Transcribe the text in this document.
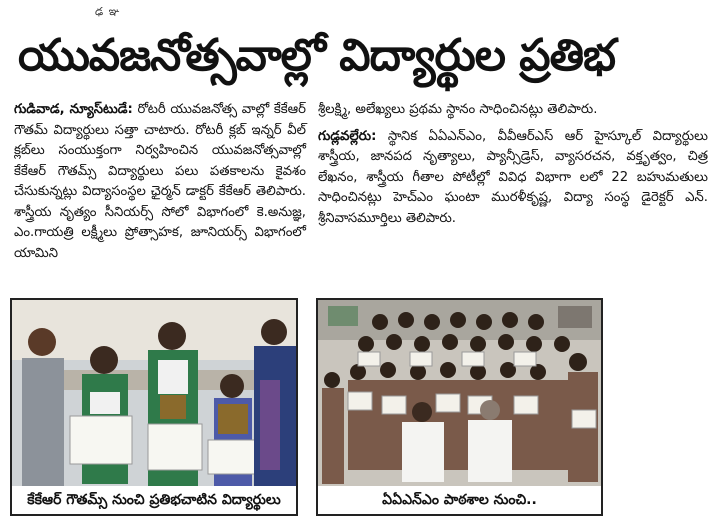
ఢ ఞ
యువజనోత్సవాల్లో విద్యార్థుల ప్రతిభ

గుడివాడ, న్యూస్‌టుడే: రోటరీ యువజనోత్స వాల్లో కేకేఆర్ గౌతమ్ విద్యార్థులు సత్తా చాటారు. రోటరీ క్లబ్ ఇన్నర్ వీల్ క్లబ్‌లు సంయుక్తంగా నిర్వహించిన యువజనోత్సవాల్లో కేకేఆర్ గౌతమ్స్ విద్యార్థులు పలు పతకాలను కైవశం చేసుకున్నట్లు విద్యాసంస్థల ఛైర్మన్ డాక్టర్ కేకేఆర్ తెలిపారు. శాస్త్రీయ నృత్యం సీనియర్స్ సోలో విభాగంలో కె.అనుజ్ఞ, ఎం.గాయత్రి లక్ష్మీలు ప్రోత్సాహక, జూనియర్స్ విభాగంలో యామిని

శ్రీలక్ష్మి, అలేఖ్యలు ప్రథమ స్థానం సాధించినట్లు తెలిపారు.

గుడ్లవల్లేరు: స్థానిక ఏఏఎన్ఎం, వీవీఆర్ఎస్ ఆర్ హైస్కూల్ విద్యార్థులు శాస్త్రీయ, జానపద నృత్యాలు, ప్యాన్సీడ్రెస్, వ్యాసరచన, వక్తృత్వం, చిత్ర లేఖనం, శాస్త్రీయ గీతాల పోటీల్లో వివిధ విభాగా లలో 22 బహుమతులు సాధించినట్లు హెచ్ఎం ఘంటా మురళీకృష్ణ, విద్యా సంస్థ డైరెక్టర్ ఎన్. శ్రీనివాసమూర్తిలు తెలిపారు.

కేకేఆర్ గౌతమ్స్ నుంచి ప్రతిభచాటిన విద్యార్థులు	ఏఏఎన్ఎం పాఠశాల నుంచి..
